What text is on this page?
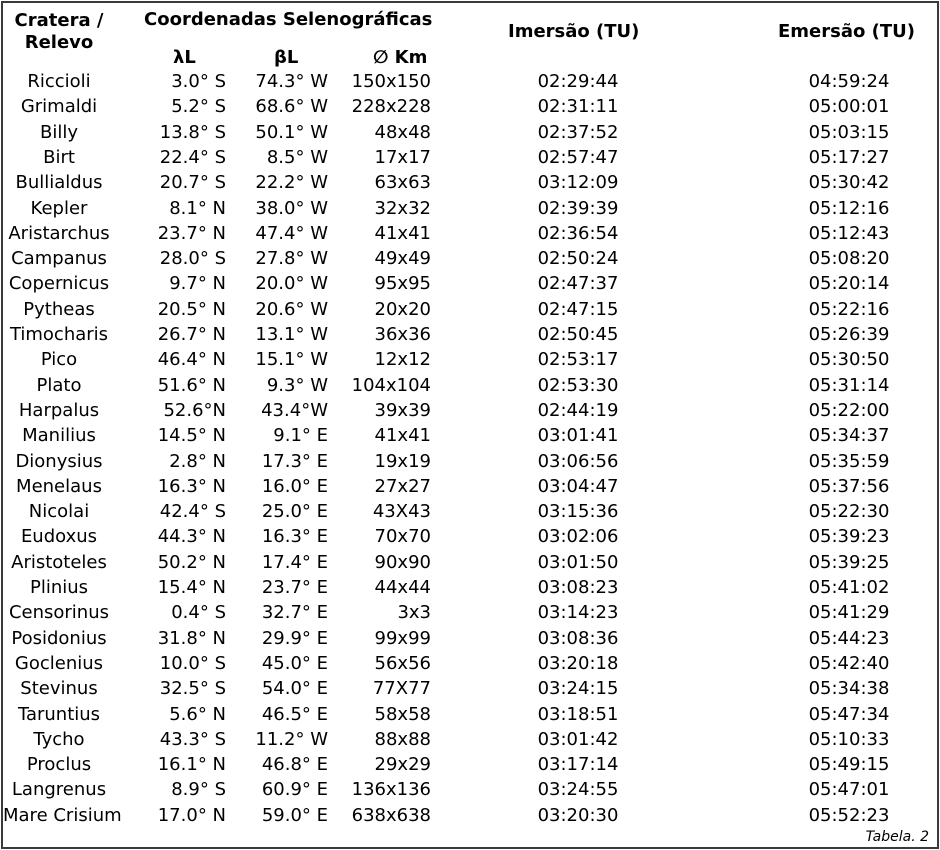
Cratera /
Relevo
Coordenadas Selenográficas
λL	βL	∅ Km
Imersão (TU)	Emersão (TU)
Riccioli	3.0° S 74.3° W 150x150	02:29:44	04:59:24
Grimaldi	5.2° S 68.6° W 228x228	02:31:11	05:00:01
Billy	13.8° S 50.1° W	48x48	02:37:52	05:03:15
Birt	22.4° S 8.5° W	17x17	02:57:47	05:17:27
Bullialdus	20.7° S 22.2° W	63x63	03:12:09	05:30:42
Kepler	8.1° N 38.0° W	32x32	02:39:39	05:12:16
Aristarchus	23.7° N 47.4° W	41x41	02:36:54	05:12:43
Campanus	28.0° S 27.8° W	49x49	02:50:24	05:08:20
Copernicus	9.7° N 20.0° W	95x95	02:47:37	05:20:14
Pytheas	20.5° N 20.6° W	20x20	02:47:15	05:22:16
Timocharis	26.7° N 13.1° W	36x36	02:50:45	05:26:39
Pico	46.4° N 15.1° W	12x12	02:53:17	05:30:50
Plato	51.6° N 9.3° W 104x104	02:53:30	05:31:14
Harpalus	52.6°N 43.4°W	39x39	02:44:19	05:22:00
Manilius	14.5° N	9.1° E	41x41	03:01:41	05:34:37
Dionysius	2.8° N 17.3° E	19x19	03:06:56	05:35:59
Menelaus	16.3° N 16.0° E	27x27	03:04:47	05:37:56
Nicolai	42.4° S 25.0° E 43X43	03:15:36	05:22:30
Eudoxus	44.3° N 16.3° E	70x70	03:02:06	05:39:23
Aristoteles	50.2° N 17.4° E	90x90	03:01:50	05:39:25
Plinius	15.4° N 23.7° E	44x44	03:08:23	05:41:02
Censorinus	0.4° S 32.7° E	3x3	03:14:23	05:41:29
Posidonius	31.8° N 29.9° E	99x99	03:08:36	05:44:23
Goclenius	10.0° S 45.0° E	56x56	03:20:18	05:42:40
Stevinus	32.5° S 54.0° E 77X77	03:24:15	05:34:38
Taruntius	5.6° N 46.5° E	58x58	03:18:51	05:47:34
Tycho	43.3° S 11.2° W	88x88	03:01:42	05:10:33
Proclus	16.1° N 46.8° E	29x29	03:17:14	05:49:15
Langrenus	8.9° S 60.9° E 136x136	03:24:55	05:47:01
Mare Crisium 17.0° N 59.0° E 638x638	03:20:30	05:52:23
Tabela. 2
